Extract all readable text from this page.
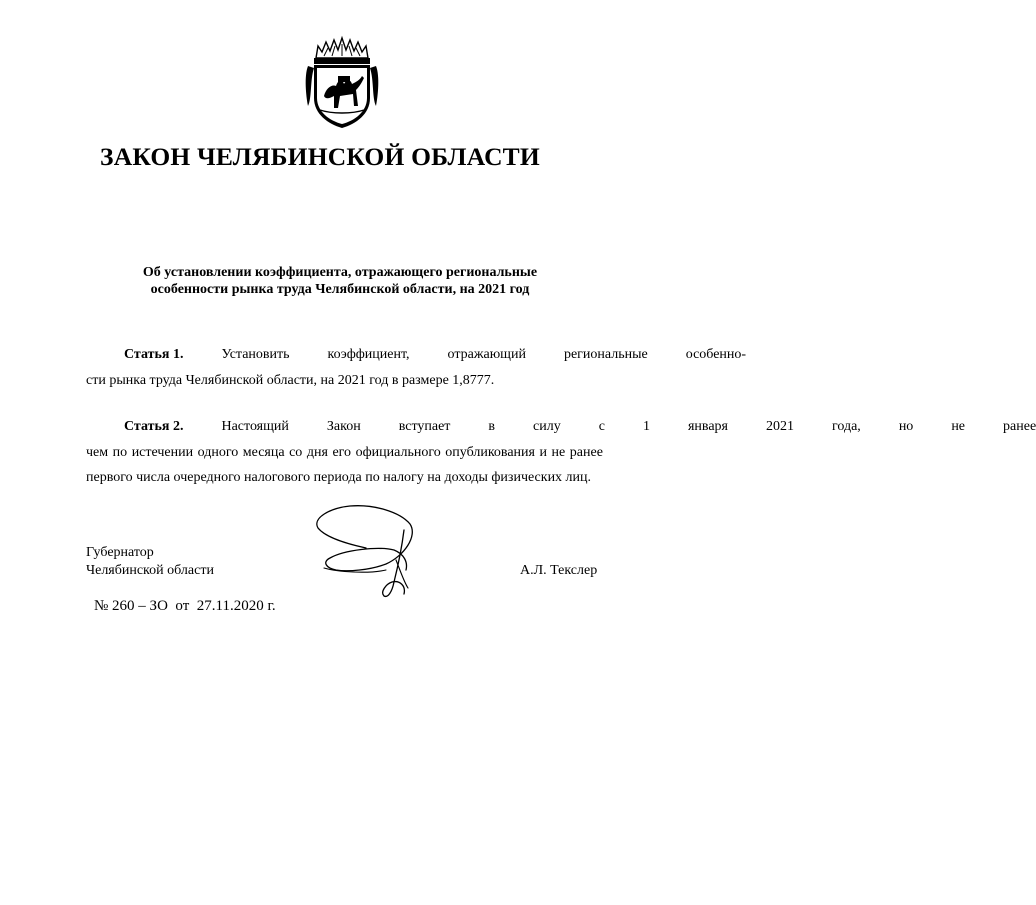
ЗАКОН ЧЕЛЯБИНСКОЙ ОБЛАСТИ
Об установлении коэффициента, отражающего региональные
особенности рынка труда Челябинской области, на 2021 год
Статья 1.	Установить	коэффициент,	отражающий	региональные	особенно-
сти рынка труда Челябинской области, на 2021 год в размере 1,8777.
Статья 2.	Настоящий	Закон	вступает	в	силу	с	1	января	2021	года,	но	не	ранее
чем по истечении одного месяца со дня его официального опубликования и не ранее
первого числа очередного налогового периода по налогу на доходы физических лиц.
Губернатор
Челябинской области	А.Л. Текслер
№ 260 – ЗО от 27.11.2020 г.
